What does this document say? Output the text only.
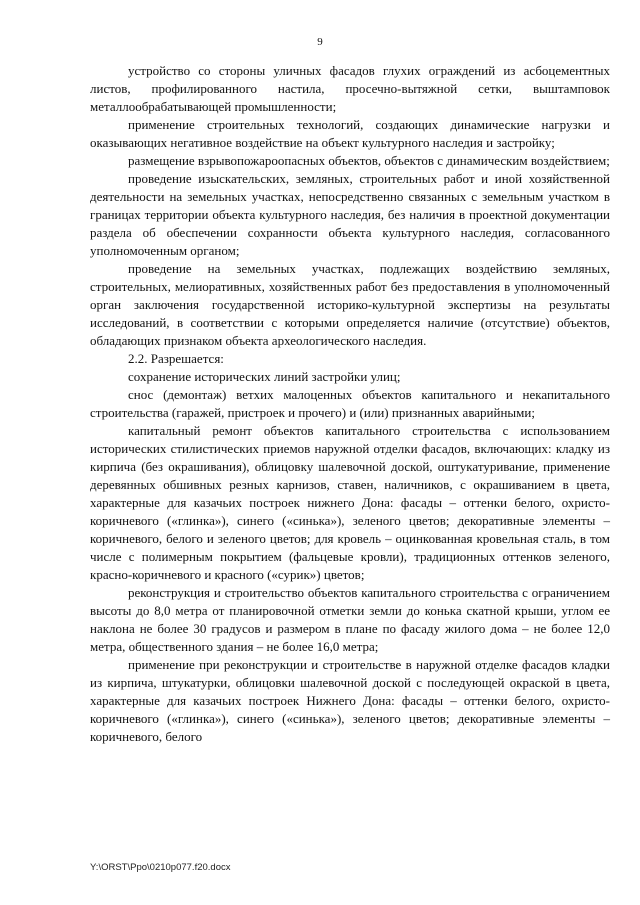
9

устройство со стороны уличных фасадов глухих ограждений из асбоцементных листов, профилированного настила, просечно-вытяжной сетки, выштамповок металлообрабатывающей промышленности;

применение строительных технологий, создающих динамические нагрузки и оказывающих негативное воздействие на объект культурного наследия и застройку;

размещение взрывопожароопасных объектов, объектов с динамическим воздействием;

проведение изыскательских, земляных, строительных работ и иной хозяйственной деятельности на земельных участках, непосредственно связанных с земельным участком в границах территории объекта культурного наследия, без наличия в проектной документации раздела об обеспечении сохранности объекта культурного наследия, согласованного уполномоченным органом;

проведение на земельных участках, подлежащих воздействию земляных, строительных, мелиоративных, хозяйственных работ без предоставления в уполномоченный орган заключения государственной историко-культурной экспертизы на результаты исследований, в соответствии с которыми определяется наличие (отсутствие) объектов, обладающих признаком объекта археологического наследия.

2.2. Разрешается:

сохранение исторических линий застройки улиц;

снос (демонтаж) ветхих малоценных объектов капитального и некапитального строительства (гаражей, пристроек и прочего) и (или) признанных аварийными;

капитальный ремонт объектов капитального строительства с использованием исторических стилистических приемов наружной отделки фасадов, включающих: кладку из кирпича (без окрашивания), облицовку шалевочной доской, оштукатуривание, применение деревянных обшивных резных карнизов, ставен, наличников, с окрашиванием в цвета, характерные для казачьих построек нижнего Дона: фасады – оттенки белого, охристо-коричневого («глинка»), синего («синька»), зеленого цветов; декоративные элементы – коричневого, белого и зеленого цветов; для кровель – оцинкованная кровельная сталь, в том числе с полимерным покрытием (фальцевые кровли), традиционных оттенков зеленого, красно-коричневого и красного («сурик») цветов;

реконструкция и строительство объектов капитального строительства с ограничением высоты до 8,0 метра от планировочной отметки земли до конька скатной крыши, углом ее наклона не более 30 градусов и размером в плане по фасаду жилого дома – не более 12,0 метра, общественного здания – не более 16,0 метра;

применение при реконструкции и строительстве в наружной отделке фасадов кладки из кирпича, штукатурки, облицовки шалевочной доской с последующей окраской в цвета, характерные для казачьих построек Нижнего Дона: фасады – оттенки белого, охристо-коричневого («глинка»), синего («синька»), зеленого цветов; декоративные элементы – коричневого, белого

Y:\ORST\Ppo\0210p077.f20.docx
